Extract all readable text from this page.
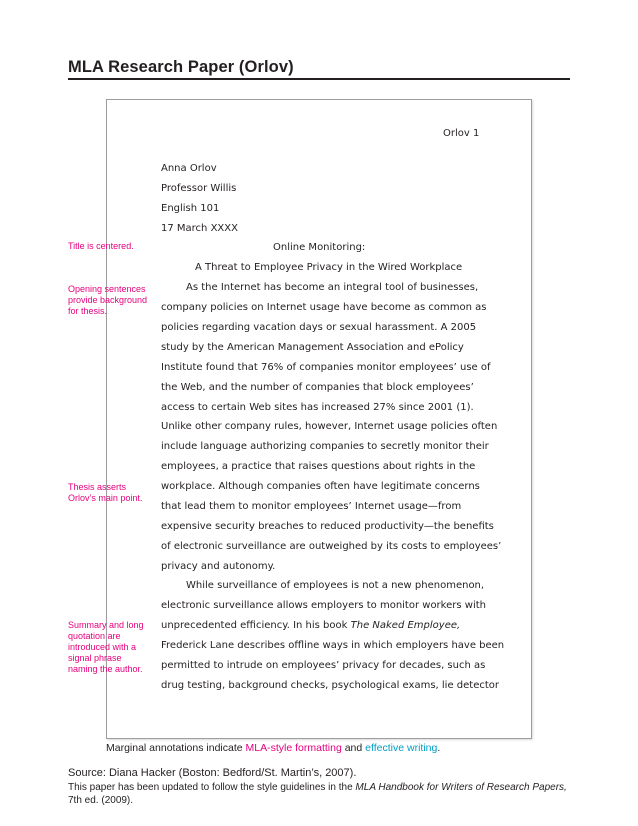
MLA Research Paper (Orlov)
Title is centered.
Opening sentences
provide background
for thesis.
Thesis asserts
Orlov’s main point.
Summary and long
quotation are
introduced with a
signal phrase
naming the author.
Orlov 1
Anna Orlov
Professor Willis
English 101
17 March XXXX
Online Monitoring:
A Threat to Employee Privacy in the Wired Workplace
As the Internet has become an integral tool of businesses,
company policies on Internet usage have become as common as
policies regarding vacation days or sexual harassment. A 2005
study by the American Management Association and ePolicy
Institute found that 76% of companies monitor employees’ use of
the Web, and the number of companies that block employees’
access to certain Web sites has increased 27% since 2001 (1).
Unlike other company rules, however, Internet usage policies often
include language authorizing companies to secretly monitor their
employees, a practice that raises questions about rights in the
workplace. Although companies often have legitimate concerns
that lead them to monitor employees’ Internet usage—from
expensive security breaches to reduced productivity—the benefits
of electronic surveillance are outweighed by its costs to employees’
privacy and autonomy.
While surveillance of employees is not a new phenomenon,
electronic surveillance allows employers to monitor workers with
unprecedented efficiency. In his book The Naked Employee,
Frederick Lane describes offline ways in which employers have been
permitted to intrude on employees’ privacy for decades, such as
drug testing, background checks, psychological exams, lie detector
Marginal annotations indicate MLA-style formatting and effective writing.
Source: Diana Hacker (Boston: Bedford/St. Martin’s, 2007).
This paper has been updated to follow the style guidelines in the MLA Handbook for Writers of Research Papers,
7th ed. (2009).
